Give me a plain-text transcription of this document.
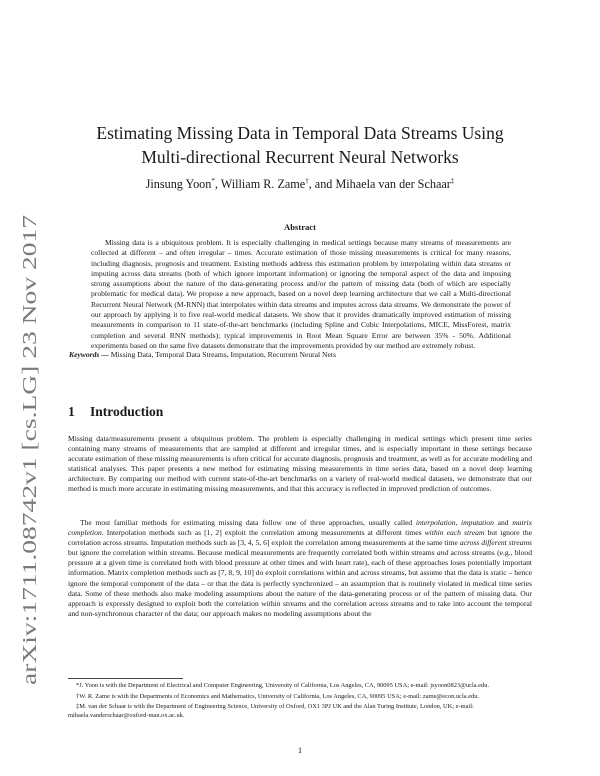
arXiv:1711.08742v1 [cs.LG] 23 Nov 2017
Estimating Missing Data in Temporal Data Streams Using
Multi-directional Recurrent Neural Networks
Jinsung Yoon*, William R. Zame†, and Mihaela van der Schaar‡
Abstract

Missing data is a ubiquitous problem. It is especially challenging in medical settings because many streams of measurements are collected at different – and often irregular – times. Accurate estimation of those missing measurements is critical for many reasons, including diagnosis, prognosis and treatment. Existing methods address this estimation problem by interpolating within data streams or imputing across data streams (both of which ignore important information) or ignoring the temporal aspect of the data and imposing strong assumptions about the nature of the data-generating process and/or the pattern of missing data (both of which are especially problematic for medical data). We propose a new approach, based on a novel deep learning architecture that we call a Multi-directional Recurrent Neural Network (M-RNN) that interpolates within data streams and imputes across data streams. We demonstrate the power of our approach by applying it to five real-world medical datasets. We show that it provides dramatically improved estimation of missing measurements in comparison to 11 state-of-the-art benchmarks (including Spline and Cubic Interpolations, MICE, MissForest, matrix completion and several RNN methods); typical improvements in Root Mean Square Error are between 35% - 50%. Additional experiments based on the same five datasets demonstrate that the improvements provided by our method are extremely robust.

Keywords — Missing Data, Temporal Data Streams, Imputation, Recurrent Neural Nets

1 Introduction

Missing data/measurements present a ubiquitous problem. The problem is especially challenging in medical settings which present time series containing many streams of measurements that are sampled at different and irregular times, and is especially important in these settings because accurate estimation of these missing measurements is often critical for accurate diagnosis, prognosis and treatment, as well as for accurate modeling and statistical analyses. This paper presents a new method for estimating missing measurements in time series data, based on a novel deep learning architecture. By comparing our method with current state-of-the-art benchmarks on a variety of real-world medical datasets, we demonstrate that our method is much more accurate in estimating missing measurements, and that this accuracy is reflected in improved prediction of outcomes.

The most familiar methods for estimating missing data follow one of three approaches, usually called interpolation, imputation and matrix completion. Interpolation methods such as [1, 2] exploit the correlation among measurements at different times within each stream but ignore the correlation across streams. Imputation methods such as [3, 4, 5, 6] exploit the correlation among measurements at the same time across different streams but ignore the correlation within streams. Because medical measurements are frequently correlated both within streams and across streams (e.g., blood pressure at a given time is correlated both with blood pressure at other times and with heart rate), each of these approaches loses potentially important information. Matrix completion methods such as [7, 8, 9, 10] do exploit correlations within and across streams, but assume that the data is static – hence ignore the temporal component of the data – or that the data is perfectly synchronized – an assumption that is routinely violated in medical time series data. Some of these methods also make modeling assumptions about the nature of the data-generating process or of the pattern of missing data. Our approach is expressly designed to exploit both the correlation within streams and the correlation across streams and to take into account the temporal and non-synchronous character of the data; our approach makes no modeling assumptions about the

*J. Yoon is with the Department of Electrical and Computer Engineering, University of California, Los Angeles, CA, 90095 USA; e-mail: jsyoon0823@ucla.edu.

†W. R. Zame is with the Departments of Economics and Mathematics, University of California, Los Angeles, CA, 90095 USA; e-mail: zame@econ.ucla.edu.

‡M. van der Schaar is with the Department of Engineering Science, University of Oxford, OX1 3PJ UK and the Alan Turing Institute, London, UK; e-mail: mihaela.vanderschaar@oxford-man.ox.ac.uk.

1
